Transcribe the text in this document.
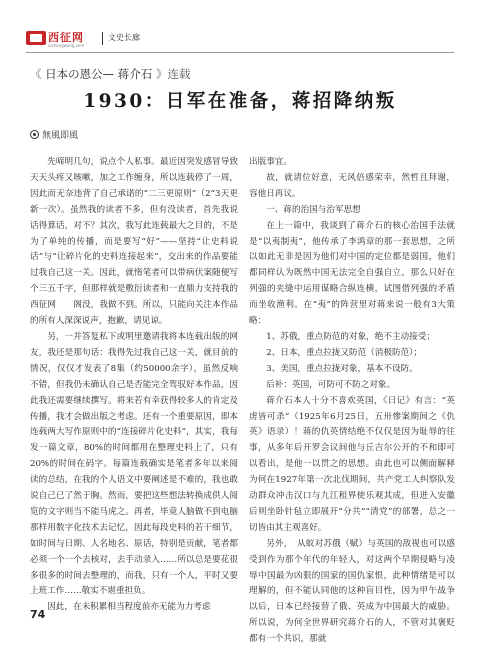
西征网
xizhengwang.com
文史长廊
《 日本の恩公— 蒋介石 》连载
1930：日军在准备，蒋招降纳叛
無風即風

先啼明几句，说点个人私事。最近因突发感冒导致天天头疼又咳嗽，加之工作缠身，所以连载停了一周，因此而无奈违背了自己承诺的“二三更原则”（2“3天更新一次）。虽然我的读者不多，但有没读者，首先我说话得算话，对不？其次，我写此连载最大之目的，不是为了单纯的传播，而是要写“好”——坚持“让史料说话”与“让碎片化的史料连接起来”，交出来的作品要能过我自己这一关。因此，就惰笔者可以带病伏案随便写个三五千字，但那样就是敷衍读者和一直鼎力支持我的西征网　　阁没，我做不到。所以，只能向关注本作品的所有人深深说声，抱歉，请见谅。

另，一并答复私下或明里邀请我将本连载出版的网友，我还是那句话：我得先过我自己这一关，就目前的情况，仅仅才发表了8集（约50000余字），虽然反响不错，但我仍未确认自己是否能完全驾驭好本作品，因此我还需要继续撰写。将来若有幸获得较多人的肯定及传播，我才会做出版之考虑。还有一个重要原因，即本连载两大写作原则中的“连接碎片化史料”，其实，我每发一篇文章，80%的时间都用在整理史料上了，只有20%的时间在码字。每篇连载确实是笔者多年以来阅读的总结，在我的个人语文中要阐述是不难的，我也敢说自己已了然于胸。然而，要把这些想法转换成供人阅览的文字则当不能马虎之。再者，毕竟人脑做不到电脑那样用数字化技术去记忆，因此每段史料的若干细节，如时间与日期、人名地名、原话，特别是贡献，笔者都必须一个一个去核对，去手动录入……所以总是要花很多很多的时间去整理的，而我，只有一个人，平时又要上班工作……敬实不堪重担负。

因此，在未积累相当程度前亦无能为力考虑

出版事宜。

故，就请位好意，无风倍感荣幸，然哲且拜谢，容他日再议。

一、蒋的治国与治军思想

在上一篇中，我谈到了蒋介石的核心治国手法就是“以夷制夷”，他传承了李鸿章的那一套思想，之所以如此无非是因为他们对中国的定位都是弱国，他们都同样认为既然中国无法完全自强自立，那么只好在列强的夹缝中运用谋略合纵连横，试图借列强的矛盾而坐收渔利。在“夷”的阵营里对蒋来说一般有3大策略：

1、苏俄，重点防范的对象，绝不主动接受；

2、日本，重点拉拢又防范（消极防范）；

3、美国，重点拉拢对象，基本不设防。

后补：英国，可防可不防之对象。

蒋介石本人十分不喜欢英国，《日记》有言：“英虏皆可杀”（1925年6月25日，五卅惨案期间之《仇英》语录）！蒋的仇英情结绝不仅仅是因为耻辱的往事，从多年后开罗会议间他与丘吉尔公开的不和即可以看出，是他一以贯之的思想。由此也可以侧面解释为何在1927年第一次北伐期间，共产党工人纠察队发动群众冲击汉口与九江租界使乐观其成，但进入安徽后则坐卧针毡立即展开“分共”“清党”的部署，总之一切皆由其主观喜好。

另外，　从蚁对苏俄（赋）与英国的敌视也可以感受到作为那个年代的年轻人，对这两个早期侵略与凌辱中国最为凶狠的国家的国仇家恨，此种情绪是可以理解的，但不能认同他的这种盲目性，因为甲午战争以后，日本已经接替了俄、英成为中国最大的威胁。所以说，为何全世界研究蒋介石的人，不管对其褒贬都有一个共识，那就

74
